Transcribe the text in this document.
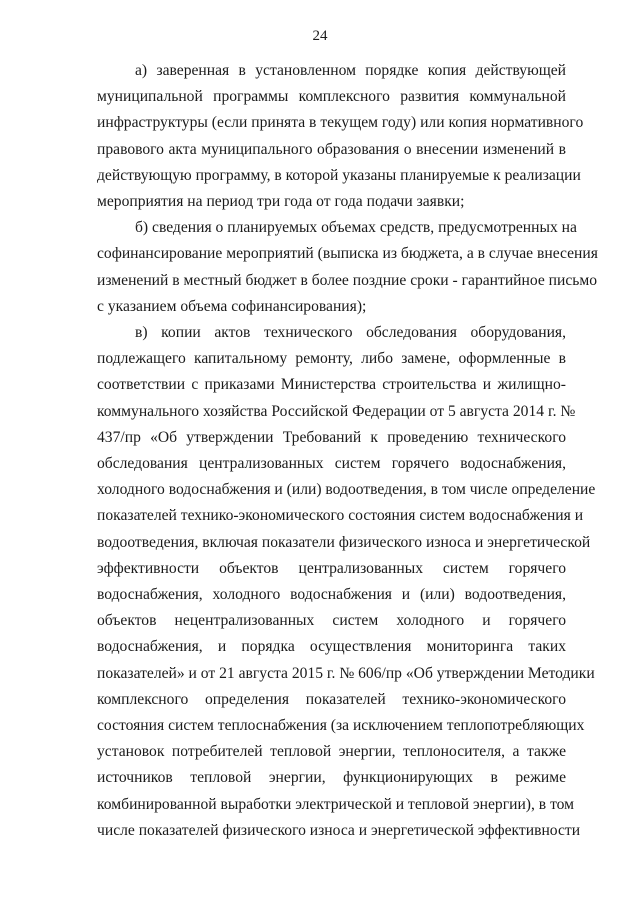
24
а) заверенная в установленном порядке копия действующей
муниципальной программы комплексного развития коммунальной
инфраструктуры (если принята в текущем году) или копия нормативного
правового акта муниципального образования о внесении изменений в
действующую программу, в которой указаны планируемые к реализации
мероприятия на период три года от года подачи заявки;
б) сведения о планируемых объемах средств, предусмотренных на
софинансирование мероприятий (выписка из бюджета, а в случае внесения
изменений в местный бюджет в более поздние сроки - гарантийное письмо
с указанием объема софинансирования);
в) копии актов технического обследования оборудования,
подлежащего капитальному ремонту, либо замене, оформленные в
соответствии с приказами Министерства строительства и жилищно-
коммунального хозяйства Российской Федерации от 5 августа 2014 г. №
437/пр «Об утверждении Требований к проведению технического
обследования централизованных систем горячего водоснабжения,
холодного водоснабжения и (или) водоотведения, в том числе определение
показателей технико-экономического состояния систем водоснабжения и
водоотведения, включая показатели физического износа и энергетической
эффективности объектов централизованных систем горячего
водоснабжения, холодного водоснабжения и (или) водоотведения,
объектов нецентрализованных систем холодного и горячего
водоснабжения, и порядка осуществления мониторинга таких
показателей» и от 21 августа 2015 г. № 606/пр «Об утверждении Методики
комплексного определения показателей технико-экономического
состояния систем теплоснабжения (за исключением теплопотребляющих
установок потребителей тепловой энергии, теплоносителя, а также
источников тепловой энергии, функционирующих в режиме
комбинированной выработки электрической и тепловой энергии), в том
числе показателей физического износа и энергетической эффективности
